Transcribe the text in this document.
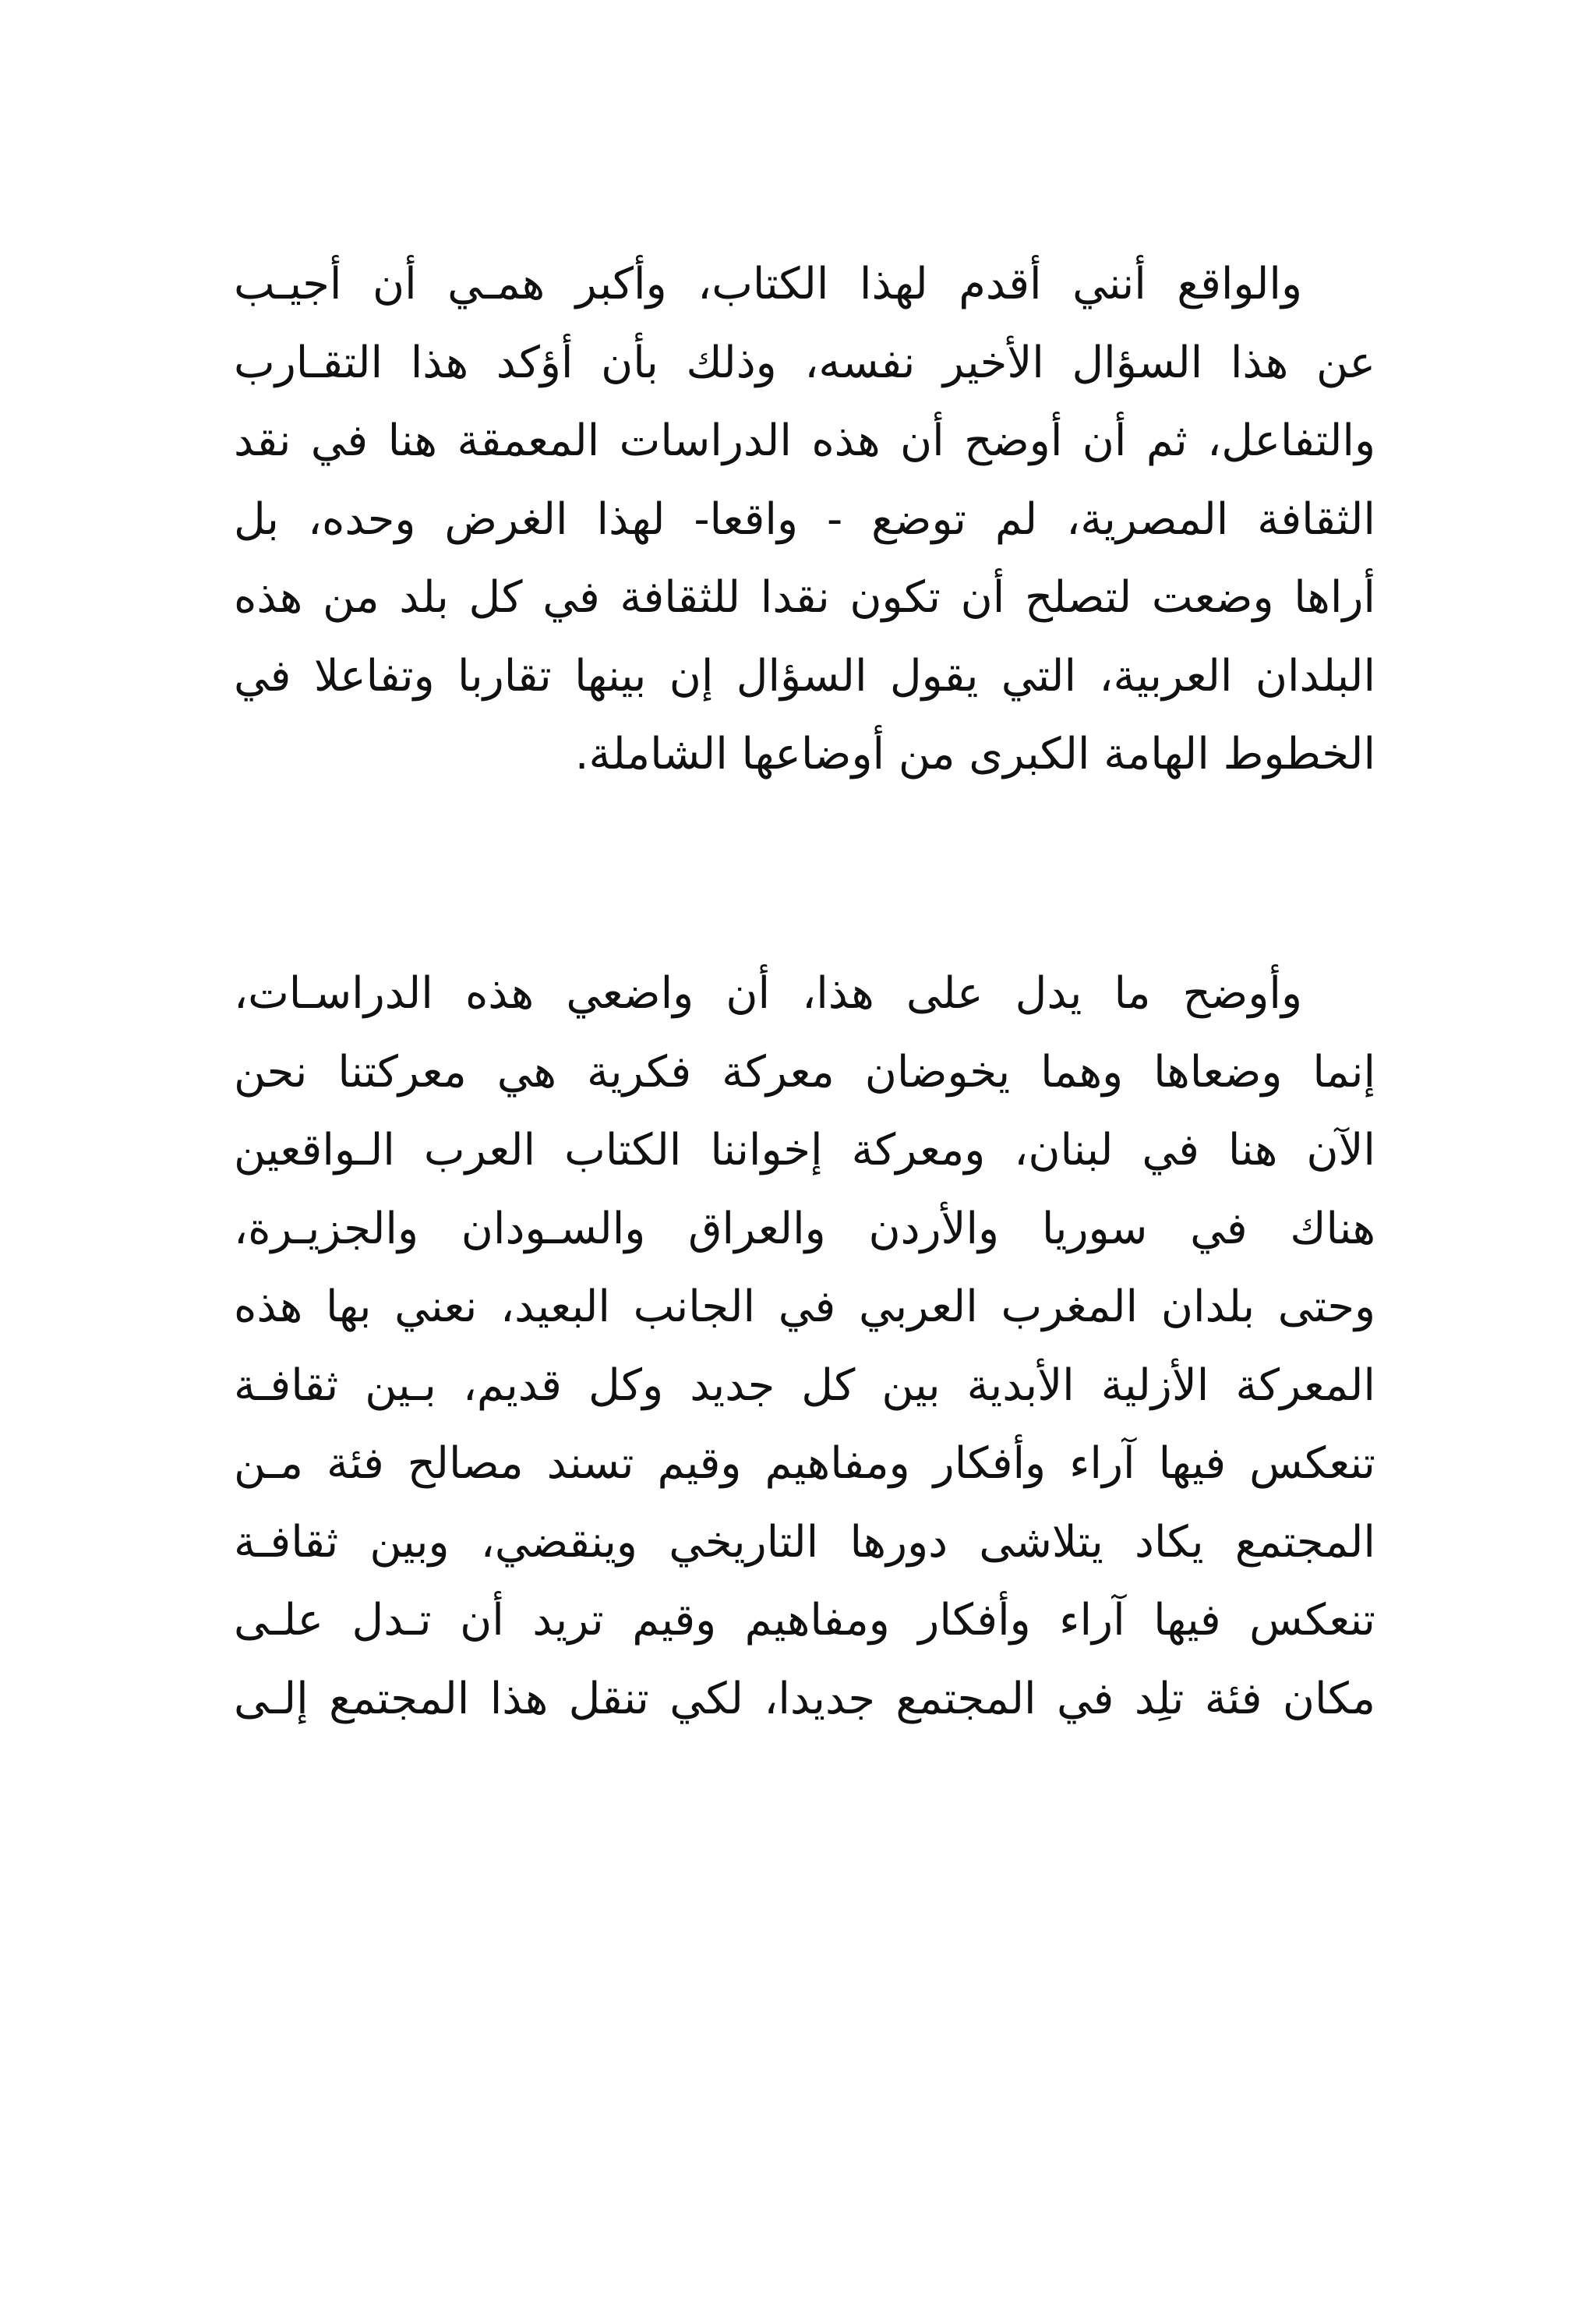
والواقع أنني أقدم لهذا الكتاب، وأكبر همـي أن أجيـب
عن هذا السؤال الأخير نفسه، وذلك بأن أؤكد هذا التقـارب
والتفاعل، ثم أن أوضح أن هذه الدراسات المعمقة هنا في نقد
الثقافة المصرية، لم توضع - واقعا- لهذا الغرض وحده، بل
أراها وضعت لتصلح أن تكون نقدا للثقافة في كل بلد من هذه
البلدان العربية، التي يقول السؤال إن بينها تقاربا وتفاعلا في
الخطوط الهامة الكبرى من أوضاعها الشاملة.
وأوضح ما يدل على هذا، أن واضعي هذه الدراسـات،
إنما وضعاها وهما يخوضان معركة فكرية هي معركتنا نحن
الآن هنا في لبنان، ومعركة إخواننا الكتاب العرب الـواقعين
هناك في سوريا والأردن والعراق والسـودان والجزيـرة،
وحتى بلدان المغرب العربي في الجانب البعيد، نعني بها هذه
المعركة الأزلية الأبدية بين كل جديد وكل قديم، بـين ثقافـة
تنعكس فيها آراء وأفكار ومفاهيم وقيم تسند مصالح فئة مـن
المجتمع يكاد يتلاشى دورها التاريخي وينقضي، وبين ثقافـة
تنعكس فيها آراء وأفكار ومفاهيم وقيم تريد أن تـدل علـى
مكان فئة تلِد في المجتمع جديدا، لكي تنقل هذا المجتمع إلـى
